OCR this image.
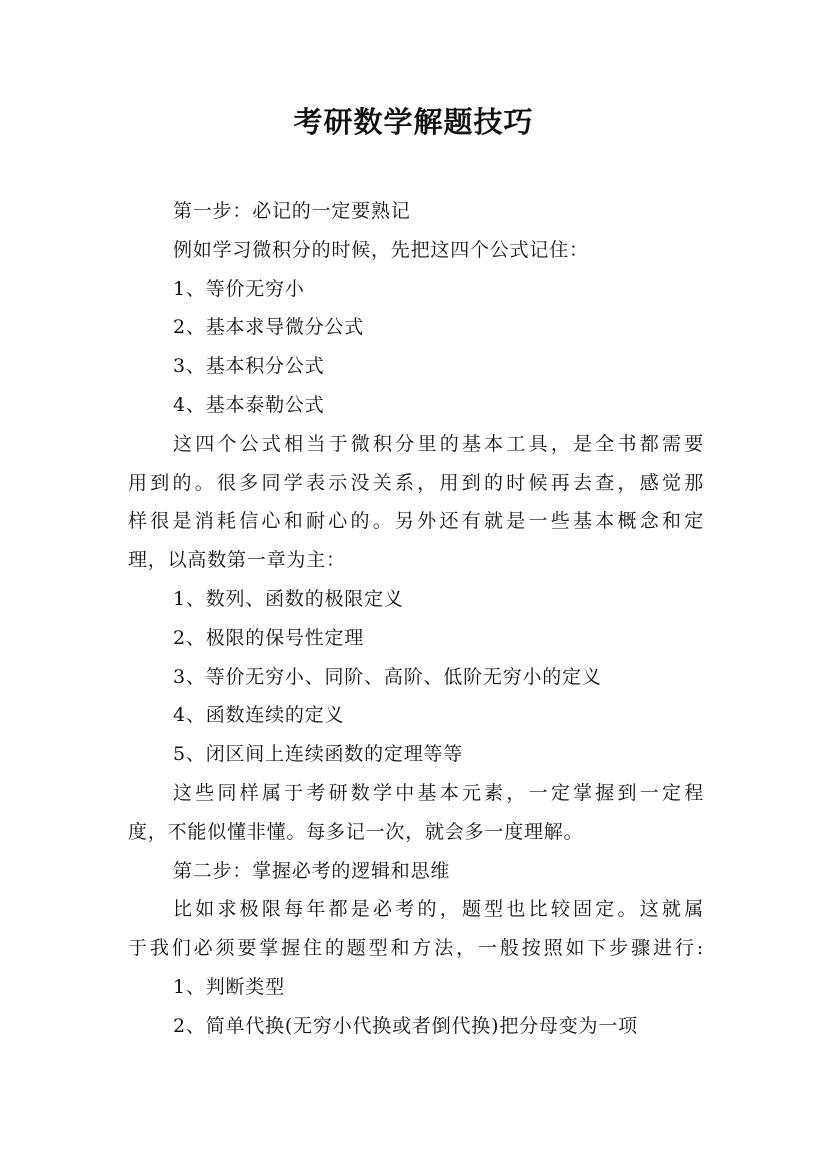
考研数学解题技巧
第一步：必记的一定要熟记
例如学习微积分的时候，先把这四个公式记住：
1、等价无穷小
2、基本求导微分公式
3、基本积分公式
4、基本泰勒公式
这四个公式相当于微积分里的基本工具，是全书都需要
用到的。很多同学表示没关系，用到的时候再去查，感觉那
样很是消耗信心和耐心的。另外还有就是一些基本概念和定
理，以高数第一章为主：
1、数列、函数的极限定义
2、极限的保号性定理
3、等价无穷小、同阶、高阶、低阶无穷小的定义
4、函数连续的定义
5、闭区间上连续函数的定理等等
这些同样属于考研数学中基本元素，一定掌握到一定程
度，不能似懂非懂。每多记一次，就会多一度理解。
第二步：掌握必考的逻辑和思维
比如求极限每年都是必考的，题型也比较固定。这就属
于我们必须要掌握住的题型和方法，一般按照如下步骤进行:
1、判断类型
2、简单代换(无穷小代换或者倒代换)把分母变为一项
